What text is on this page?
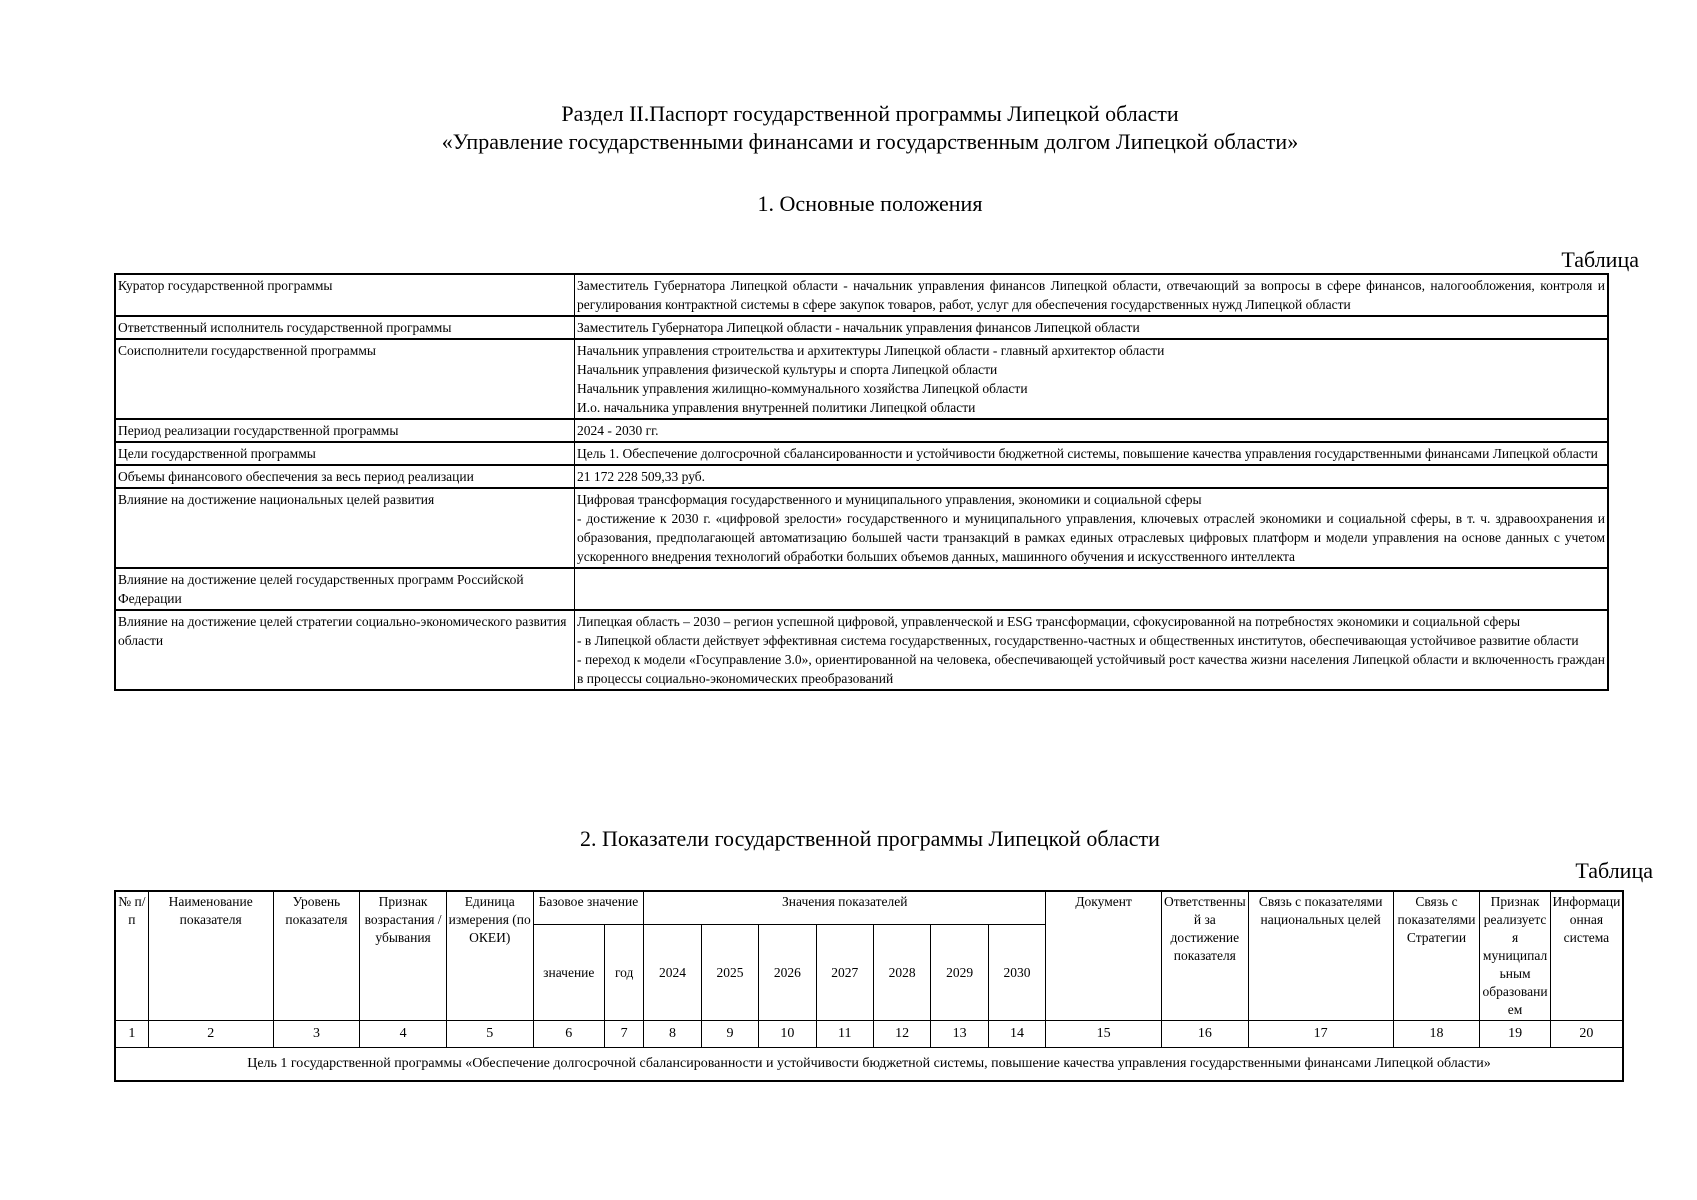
Раздел II.Паспорт государственной программы Липецкой области
«Управление государственными финансами и государственным долгом Липецкой области»
1. Основные положения
Таблица
Куратор государственной программы	Заместитель Губернатора Липецкой области - начальник управления финансов Липецкой области, отвечающий за вопросы в сфере финансов, налогообложения, контроля и регулирования контрактной системы в сфере закупок товаров, работ, услуг для обеспечения государственных нужд Липецкой области

Ответственный исполнитель государственной программы	Заместитель Губернатора Липецкой области - начальник управления финансов Липецкой области

Соисполнители государственной программы	Начальник управления строительства и архитектуры Липецкой области - главный архитектор области
Начальник управления физической культуры и спорта Липецкой области
Начальник управления жилищно-коммунального хозяйства Липецкой области
И.о. начальника управления внутренней политики Липецкой области

Период реализации государственной программы	2024 - 2030 гг.

Цели государственной программы	Цель 1. Обеспечение долгосрочной сбалансированности и устойчивости бюджетной системы, повышение качества управления государственными финансами Липецкой области

Объемы финансового обеспечения за весь период реализации	21 172 228 509,33 руб.

Влияние на достижение национальных целей развития	Цифровая трансформация государственного и муниципального управления, экономики и социальной сферы
- достижение к 2030 г. «цифровой зрелости» государственного и муниципального управления, ключевых отраслей экономики и социальной сферы, в т. ч. здравоохранения и образования, предполагающей автоматизацию большей части транзакций в рамках единых отраслевых цифровых платформ и модели управления на основе данных с учетом ускоренного внедрения технологий обработки больших объемов данных, машинного обучения и искусственного интеллекта

Влияние на достижение целей государственных программ Российской Федерации	
Влияние на достижение целей стратегии социально-экономического развития области	Липецкая область – 2030 – регион успешной цифровой, управленческой и ESG трансформации, сфокусированной на потребностях экономики и социальной сферы
- в Липецкой области действует эффективная система государственных, государственно-частных и общественных институтов, обеспечивающая устойчивое развитие области
- переход к модели «Госуправление 3.0», ориентированной на человека, обеспечивающей устойчивый рост качества жизни населения Липецкой области и включенность граждан в процессы социально-экономических преобразований
2. Показатели государственной программы Липецкой области
Таблица
№ п/п	Наименование показателя	Уровень показателя	Признак возрастания / убывания	Единица измерения (по ОКЕИ)	Базовое значение		Значения показателей							Документ	Ответственный за достижение показателя	Связь с показателями национальных целей	Связь с показателями Стратегии	Признак реализуется муниципальным образованием	Информационная система
					значение	год	2024	2025	2026	2027	2028	2029	2030						
1	2	3	4	5	6	7	8	9	10	11	12	13	14	15	16	17	18	19	20
Цель 1 государственной программы «Обеспечение долгосрочной сбалансированности и устойчивости бюджетной системы, повышение качества управления государственными финансами Липецкой области»																			
